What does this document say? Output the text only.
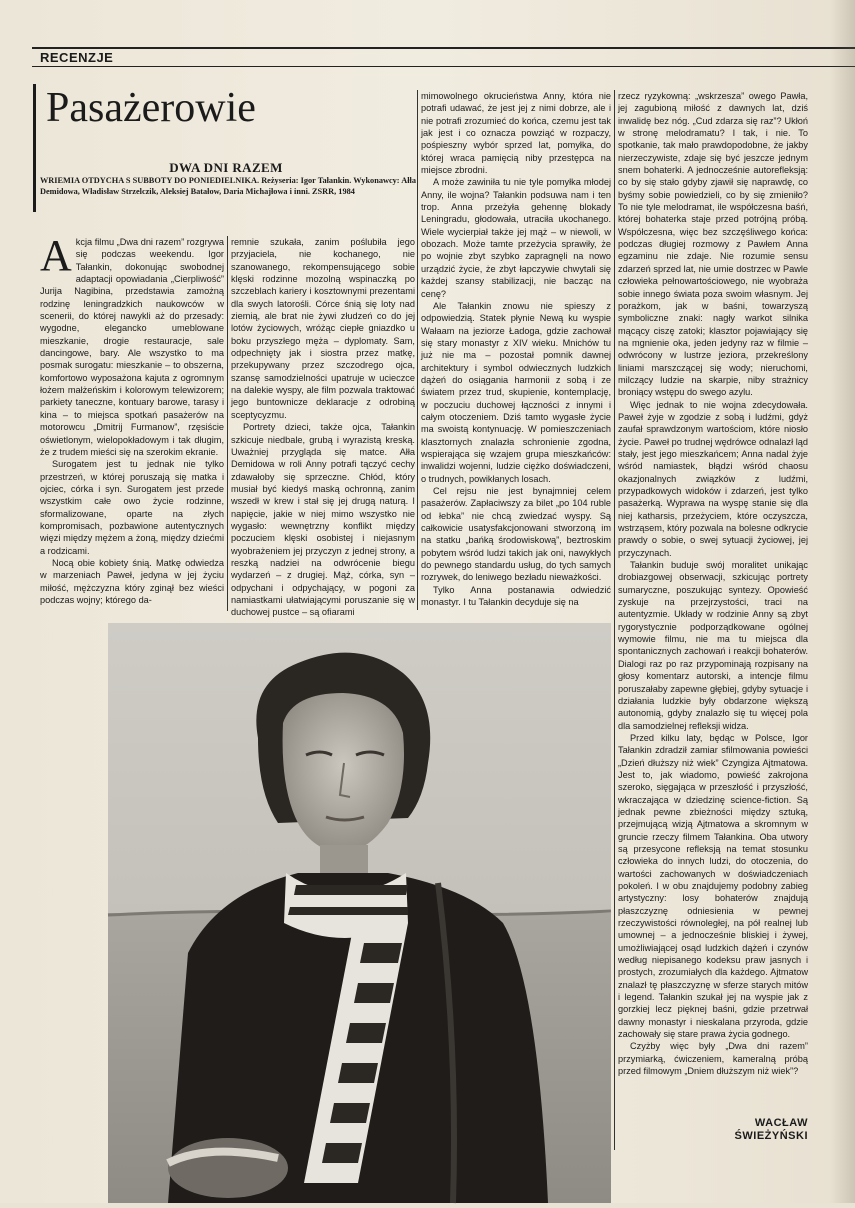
RECENZJE
Pasażerowie
DWA DNI RAZEM
WRIEMIA OTDYCHA S SUBBOTY DO PONIEDIELNIKA. Reżyseria: Igor Tałankin. Wykonawcy: Ałła Demidowa, Władisław Strzelczik, Aleksiej Batałow, Daria Michajłowa i inni. ZSRR, 1984

Akcja filmu „Dwa dni razem” rozgrywa się podczas weekendu. Igor Tałankin, dokonując swobodnej adaptacji opowiadania „Cierpliwość” Jurija Nagibina, przedstawia zamożną rodzinę leningradzkich naukowców w scenerii, do której nawykli aż do przesady: wygodne, elegancko umeblowane mieszkanie, drogie restauracje, sale dancingowe, bary. Ale wszystko to ma posmak surogatu: mieszkanie – to obszerna, komfortowo wyposażona kajuta z ogromnym łożem małżeńskim i kolorowym telewizorem; parkiety taneczne, kontuary barowe, tarasy i kina – to miejsca spotkań pasażerów na motorowcu „Dmitrij Furmanow”, rzęsiście oświetlonym, wielopokładowym i tak długim, że z trudem mieści się na szerokim ekranie.

Surogatem jest tu jednak nie tylko przestrzeń, w której poruszają się matka i ojciec, córka i syn. Surogatem jest przede wszystkim całe owo życie rodzinne, sformalizowane, oparte na złych kompromisach, pozbawione autentycznych więzi między mężem a żoną, między dziećmi a rodzicami.

Nocą obie kobiety śnią. Matkę odwiedza w marzeniach Paweł, jedyna w jej życiu miłość, mężczyzna który zginął bez wieści podczas wojny; którego da-

remnie szukała, zanim poślubiła jego przyjaciela, nie kochanego, nie szanowanego, rekompensującego sobie klęski rodzinne mozolną wspinaczką po szczeblach kariery i kosztownymi prezentami dla swych latorośli. Córce śnią się loty nad ziemią, ale brat nie żywi złudzeń co do jej lotów życiowych, wróżąc ciepłe gniazdko u boku przyszłego męża – dyplomaty. Sam, odpechnięty jak i siostra przez matkę, przekupywany przez szczodrego ojca, szansę samodzielności upatruje w ucieczce na dalekie wyspy, ale film pozwala traktować jego buntownicze deklaracje z odrobiną sceptycyzmu.

Portrety dzieci, także ojca, Tałankin szkicuje niedbale, grubą i wyrazistą kreską. Uważniej przygląda się matce. Ałła Demidowa w roli Anny potrafi tączyć cechy zdawałoby się sprzeczne. Chłód, który musiał być kiedyś maską ochronną, zanim wszedł w krew i stał się jej drugą naturą. I napięcie, jakie w niej mimo wszystko nie wygasło: wewnętrzny konflikt między poczuciem klęski osobistej i niejasnym wyobrażeniem jej przyczyn z jednej strony, a reszką nadziei na odwrócenie biegu wydarzeń – z drugiej. Mąż, córka, syn – odpychani i odpychający, w pogoni za namiastkami ułatwiającymi poruszanie się w duchowej pustce – są ofiarami

mimowolnego okrucieństwa Anny, która nie potrafi udawać, że jest jej z nimi dobrze, ale i nie potrafi zrozumieć do końca, czemu jest tak jak jest i co oznacza powziąć w rozpaczy, pośpieszny wybór sprzed lat, pomyłka, do której wraca pamięcią niby przestępca na miejsce zbrodni.

A może zawiniła tu nie tyle pomyłka młodej Anny, ile wojna? Tałankin podsuwa nam i ten trop. Anna przeżyła gehennę blokady Leningradu, głodowała, utraciła ukochanego. Wiele wycierpiał także jej mąż – w niewoli, w obozach. Może tamte przeżycia sprawiły, że po wojnie zbyt szybko zapragnęli na nowo urządzić życie, że zbyt łapczywie chwytali się każdej szansy stabilizacji, nie bacząc na cenę?

Ale Tałankin znowu nie spieszy z odpowiedzią. Statek płynie Newą ku wyspie Wałaam na jeziorze Ładoga, gdzie zachował się stary monastyr z XIV wieku. Mnichów tu już nie ma – pozostał pomnik dawnej architektury i symbol odwiecznych ludzkich dążeń do osiągania harmonii z sobą i ze światem przez trud, skupienie, kontemplację, w poczuciu duchowej łączności z innymi i całym otoczeniem. Dziś tamto wygasłe życie ma swoistą kontynuację. W pomieszczeniach klasztornych znalazła schronienie zgodna, wspierająca się wzajem grupa mieszkańców: inwalidzi wojenni, ludzie ciężko doświadczeni, o trudnych, powikłanych losach.

Cel rejsu nie jest bynajmniej celem pasażerów. Zapłaciwszy za bilet „po 104 ruble od łebka” nie chcą zwiedzać wyspy. Są całkowicie usatysfakcjonowani stworzoną im na statku „bańką środowiskową”, beztroskim pobytem wśród ludzi takich jak oni, nawykłych do pewnego standardu usług, do tych samych rozrywek, do leniwego bezładu nieważkości.

Tylko Anna postanawia odwiedzić monastyr. I tu Tałankin decyduje się na

rzecz ryzykowną: „wskrzesza” owego Pawła, jej zagubioną miłość z dawnych lat, dziś inwalidę bez nóg. „Cud zdarza się raz”? Ukłoń w stronę melodramatu? I tak, i nie. To spotkanie, tak mało prawdopodobne, że jakby nierzeczywiste, zdaje się być jeszcze jednym snem bohaterki. A jednocześnie autorefleksją: co by się stało gdyby zjawił się naprawdę, co byśmy sobie powiedzieli, co by się zmieniło? To nie tyle melodramat, ile współczesna baśń, której bohaterka staje przed potrójną próbą. Współczesna, więc bez szczęśliwego końca: podczas długiej rozmowy z Pawłem Anna egzaminu nie zdaje. Nie rozumie sensu zdarzeń sprzed lat, nie umie dostrzec w Pawle człowieka pełnowartościowego, nie wyobraża sobie innego świata poza swoim własnym. Jej porażkom, jak w baśni, towarzyszą symboliczne znaki: nagły warkot silnika mącący ciszę zatoki; klasztor pojawiający się na mgnienie oka, jeden jedyny raz w filmie – odwrócony w lustrze jeziora, przekreślony liniami marszczącej się wody; nieruchomi, milczący ludzie na skarpie, niby strażnicy broniący wstępu do swego azylu.

Więc jednak to nie wojna zdecydowała. Paweł żyje w zgodzie z sobą i ludźmi, gdyż zaufał sprawdzonym wartościom, które niosło życie. Paweł po trudnej wędrówce odnalazł ląd stały, jest jego mieszkańcem; Anna nadal żyje wśród namiastek, błądzi wśród chaosu okazjonalnych związków z ludźmi, przypadkowych widoków i zdarzeń, jest tylko pasażerką. Wyprawa na wyspę stanie się dla niej katharsis, przeżyciem, które oczyszcza, wstrząsem, który pozwala na bolesne odkrycie prawdy o sobie, o swej sytuacji życiowej, jej przyczynach.

Tałankin buduje swój moralitet unikając drobiazgowej obserwacji, szkicując portrety sumaryczne, poszukując syntezy. Opowieść zyskuje na przejrzystości, traci na autentyzmie. Układy w rodzinie Anny są zbyt rygorystycznie podporządkowane ogólnej wymowie filmu, nie ma tu miejsca dla spontanicznych zachowań i reakcji bohaterów. Dialogi raz po raz przypominają rozpisany na głosy komentarz autorski, a intencje filmu poruszałaby zapewne głębiej, gdyby sytuacje i działania ludzkie były obdarzone większą autonomią, gdyby znalazło się tu więcej pola dla samodzielnej refleksji widza.

Przed kilku laty, będąc w Polsce, Igor Tałankin zdradził zamiar sfilmowania powieści „Dzień dłuższy niż wiek” Czyngiza Ajtmatowa. Jest to, jak wiadomo, powieść zakrojona szeroko, sięgająca w przeszłość i przyszłość, wkraczająca w dziedzinę science-fiction. Są jednak pewne zbieżności między sztuką, przejmującą wizją Ajtmatowa a skromnym w gruncie rzeczy filmem Tałankina. Oba utwory są przesycone refleksją na temat stosunku człowieka do innych ludzi, do otoczenia, do wartości zachowanych w doświadczeniach pokoleń. I w obu znajdujemy podobny zabieg artystyczny: losy bohaterów znajdują płaszczyznę odniesienia w pewnej rzeczywistości równoległej, na pół realnej lub umownej – a jednocześnie bliskiej i żywej, umożliwiającej osąd ludzkich dążeń i czynów według niepisanego kodeksu praw jasnych i prostych, zrozumiałych dla każdego. Ajtmatow znalazł tę płaszczyznę w sferze starych mitów i legend. Tałankin szukał jej na wyspie jak z gorzkiej lecz pięknej baśni, gdzie przetrwał dawny monastyr i nieskalana przyroda, gdzie zachowały się stare prawa życia godnego.

Czyżby więc były „Dwa dni razem” przymiarką, ćwiczeniem, kameralną próbą przed filmowym „Dniem dłuższym niż wiek”?

WACŁAW
ŚWIEŻYŃSKI
